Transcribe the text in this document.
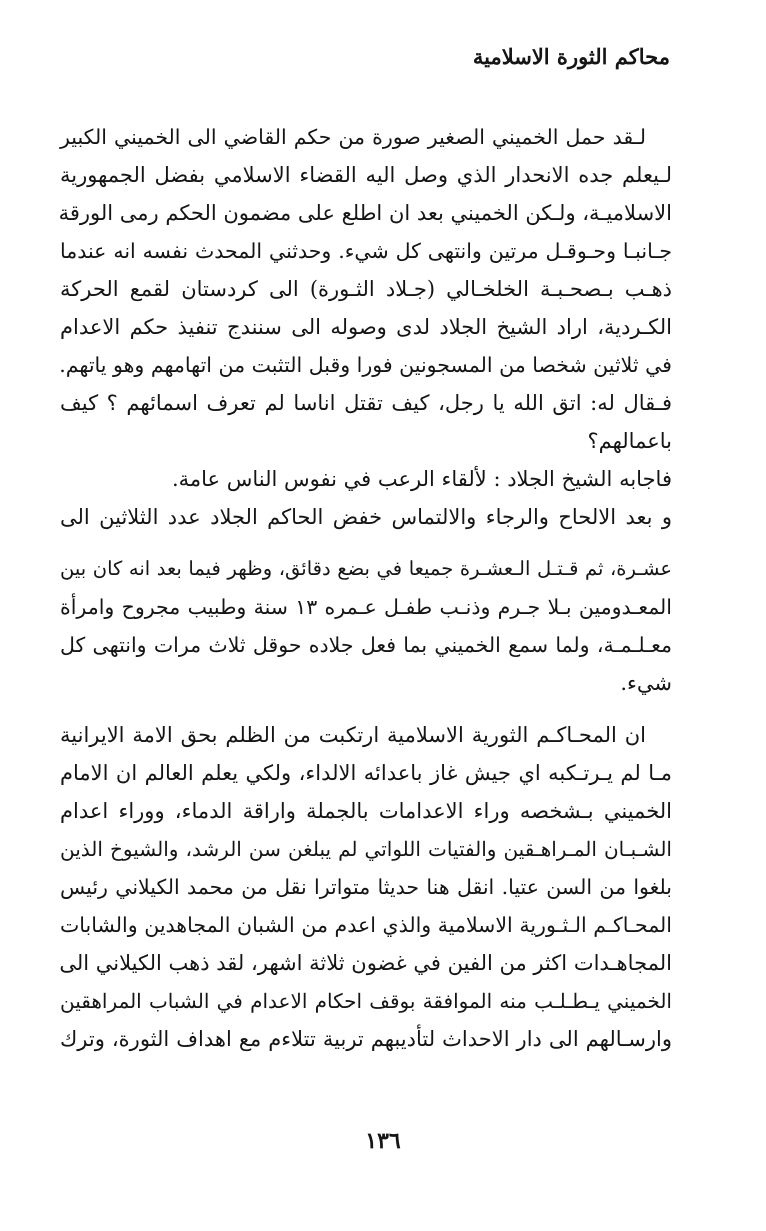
محاكم الثورة الاسلامية
لـقد حمل الخميني الصغير صورة من حكم القاضي الى الخميني الكبير
لـيعلم جده الانحدار الذي وصل اليه القضاء الاسلامي بفضل الجمهورية
الاسلاميـة، ولـكن الخميني بعد ان اطلع على مضمون الحكم رمى الورقة
جـانبـا وحـوقـل مرتين وانتهى كل شيء. وحدثني المحدث نفسه انه عندما
ذهـب بـصحـبـة الخلخـالي (جـلاد الثـورة) الى كردستان لقمع الحركة
الكـردية، اراد الشيخ الجلاد لدى وصوله الى سنندج تنفيذ حكم الاعدام
في ثلاثين شخصا من المسجونين فورا وقبل التثبت من اتهامهم وهو ياتهم.
فـقال له: اتق الله يا رجل، كيف تقتل اناسا لم تعرف اسمائهم ؟ كيف
باعمالهم؟
فاجابه الشيخ الجلاد : لألقاء الرعب في نفوس الناس عامة.
و بعد الالحاح والرجاء والالتماس خفض الحاكم الجلاد عدد الثلاثين الى
عشـرة، ثم قـتـل الـعشـرة جميعا في بضع دقائق، وظهر فيما بعد انه كان بين
المعـدومين بـلا جـرم وذنـب طفـل عـمره ١٣ سنة وطبيب مجروح وامرأة
معـلـمـة، ولما سمع الخميني بما فعل جلاده حوقل ثلاث مرات وانتهى كل
شيء.
ان المحـاكـم الثورية الاسلامية ارتكبت من الظلم بحق الامة الايرانية
مـا لم يـرتـكبه اي جيش غاز باعدائه الالداء، ولكي يعلم العالم ان الامام
الخميني بـشخصه وراء الاعدامات بالجملة واراقة الدماء، ووراء اعدام
الشـبـان المـراهـقين والفتيات اللواتي لم يبلغن سن الرشد، والشيوخ الذين
بلغوا من السن عتيا. انقل هنا حديثا متواترا نقل من محمد الكيلاني رئيس
المحـاكـم الـثـورية الاسلامية والذي اعدم من الشبان المجاهدين والشابات
المجاهـدات اكثر من الفين في غضون ثلاثة اشهر، لقد ذهب الكيلاني الى
الخميني يـطـلـب منه الموافقة بوقف احكام الاعدام في الشباب المراهقين
وارسـالهم الى دار الاحداث لتأديبهم تربية تتلاءم مع اهداف الثورة، وترك
١٣٦
